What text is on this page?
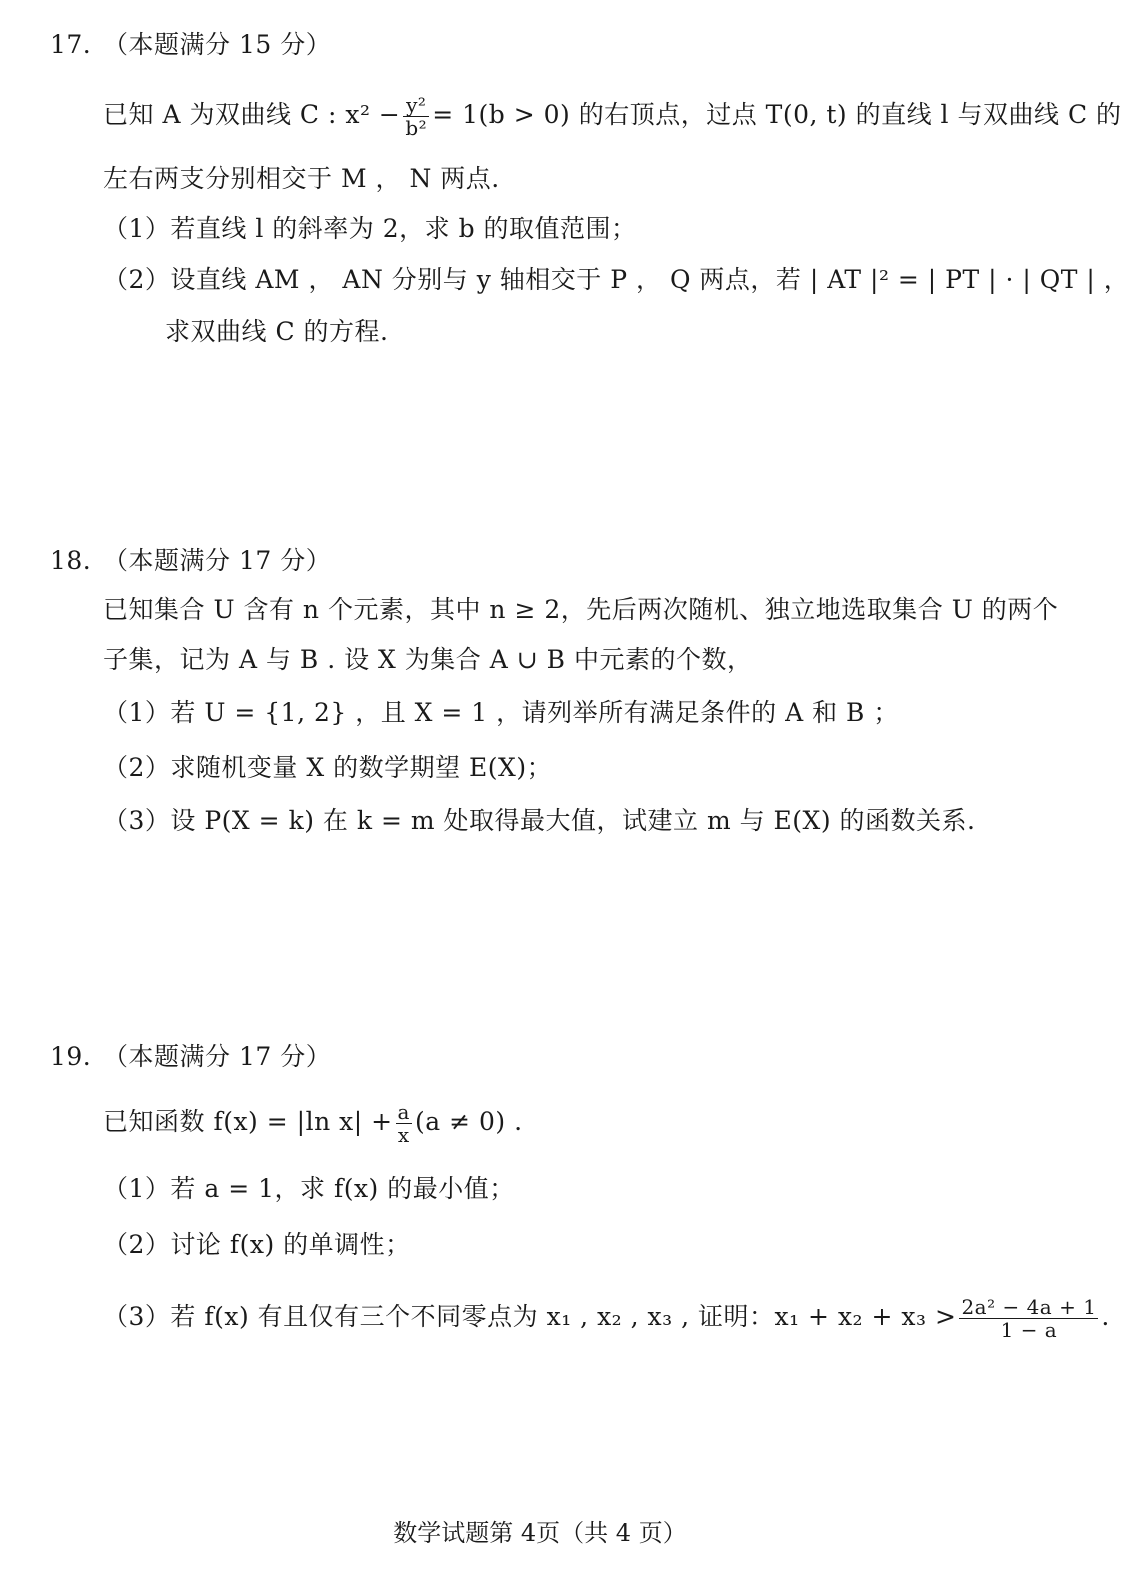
17. （本题满分 15 分）
已知 A 为双曲线 C : $x^2 - \frac{\text{y²}}{\text{b²}} = 1(b > 0)$ 的右顶点，过点 T(0, t) 的直线 l 与双曲线 C 的
左右两支分别相交于 M ， N 两点.
（1）若直线 l 的斜率为 2，求 b 的取值范围；
（2）设直线 AM ， AN 分别与 y 轴相交于 P ， Q 两点，若 | AT |² = | PT | · | QT | ，
求双曲线 C 的方程.
18. （本题满分 17 分）
已知集合 U 含有 n 个元素，其中 n ≥ 2，先后两次随机、独立地选取集合 U 的两个
子集，记为 A 与 B . 设 X 为集合 A ∪ B 中元素的个数，
（1）若 U = {1, 2} ，且 X = 1 ，请列举所有满足条件的 A 和 B ；
（2）求随机变量 X 的数学期望 E(X)；
（3）设 P(X = k) 在 k = m 处取得最大值，试建立 m 与 E(X) 的函数关系.
19. （本题满分 17 分）
已知函数 f(x) = |ln $x| + \frac{a}{x} (a \ne 0)$ .
（1）若 a = 1，求 f(x) 的最小值；
（2）讨论 f(x) 的单调性；
（3）若 f(x) 有且仅有三个不同零点为 x₁ , x₂ , x₃ , 证明：$x_1 + x_2 + x_3 > \frac{\text{2a² − 4a + 1}}{1 - a}$ .
数学试题第 4页（共 4 页）
